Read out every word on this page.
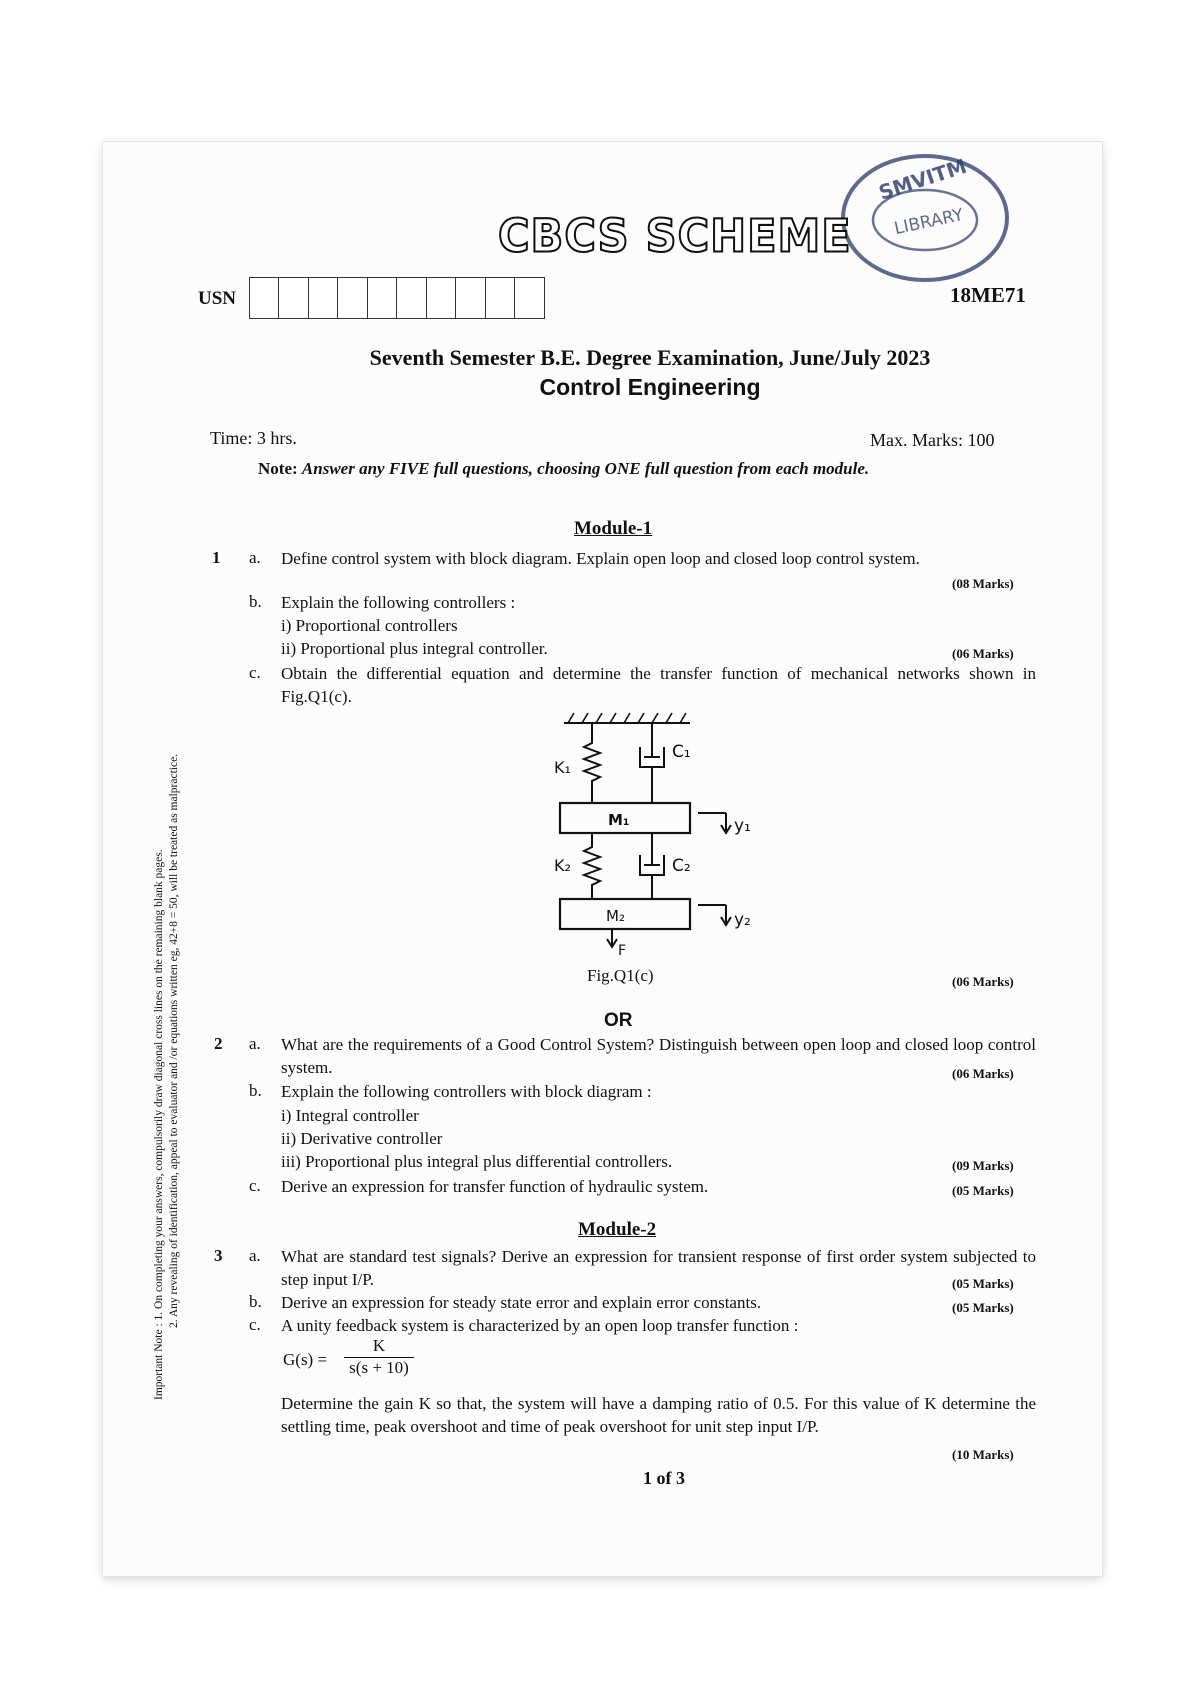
SMVITM
LIBRARY
CBCS SCHEME
USN	18ME71
Seventh Semester B.E. Degree Examination, June/July 2023
Control Engineering
Time: 3 hrs.	Max. Marks: 100
Note: Answer any FIVE full questions, choosing ONE full question from each module.
Important Note : 1. On completing your answers, compulsorily draw diagonal cross lines on the remaining blank pages. 2. Any revealing of identification, appeal to evaluator and /or equations written eg, 42+8 = 50, will be treated as malpractice.
Module-1
1 a. Define control system with block diagram. Explain open loop and closed loop control system.
(08 Marks)
b. Explain the following controllers :
i) Proportional controllers
ii) Proportional plus integral controller.	(06 Marks)
c. Obtain the differential equation and determine the transfer function of mechanical networks shown in Fig.Q1(c).
K₁
C₁
M₁	y₁
K₂	C₂
M₂	y₂
F
Fig.Q1(c)	(06 Marks)
OR
2 a. What are the requirements of a Good Control System? Distinguish between open loop and closed loop control system.	(06 Marks)
b. Explain the following controllers with block diagram :
i) Integral controller
ii) Derivative controller
iii) Proportional plus integral plus differential controllers.	(09 Marks)
c. Derive an expression for transfer function of hydraulic system.	(05 Marks)
Module-2
3 a. What are standard test signals? Derive an expression for transient response of first order system subjected to step input I/P.	(05 Marks)
b. Derive an expression for steady state error and explain error constants.	(05 Marks)
c. A unity feedback system is characterized by an open loop transfer function :
$G(s) = \frac{K}{s(s + 10)}$
Determine the gain K so that, the system will have a damping ratio of 0.5. For this value of K determine the settling time, peak overshoot and time of peak overshoot for unit step input I/P.
(10 Marks)
1 of 3
